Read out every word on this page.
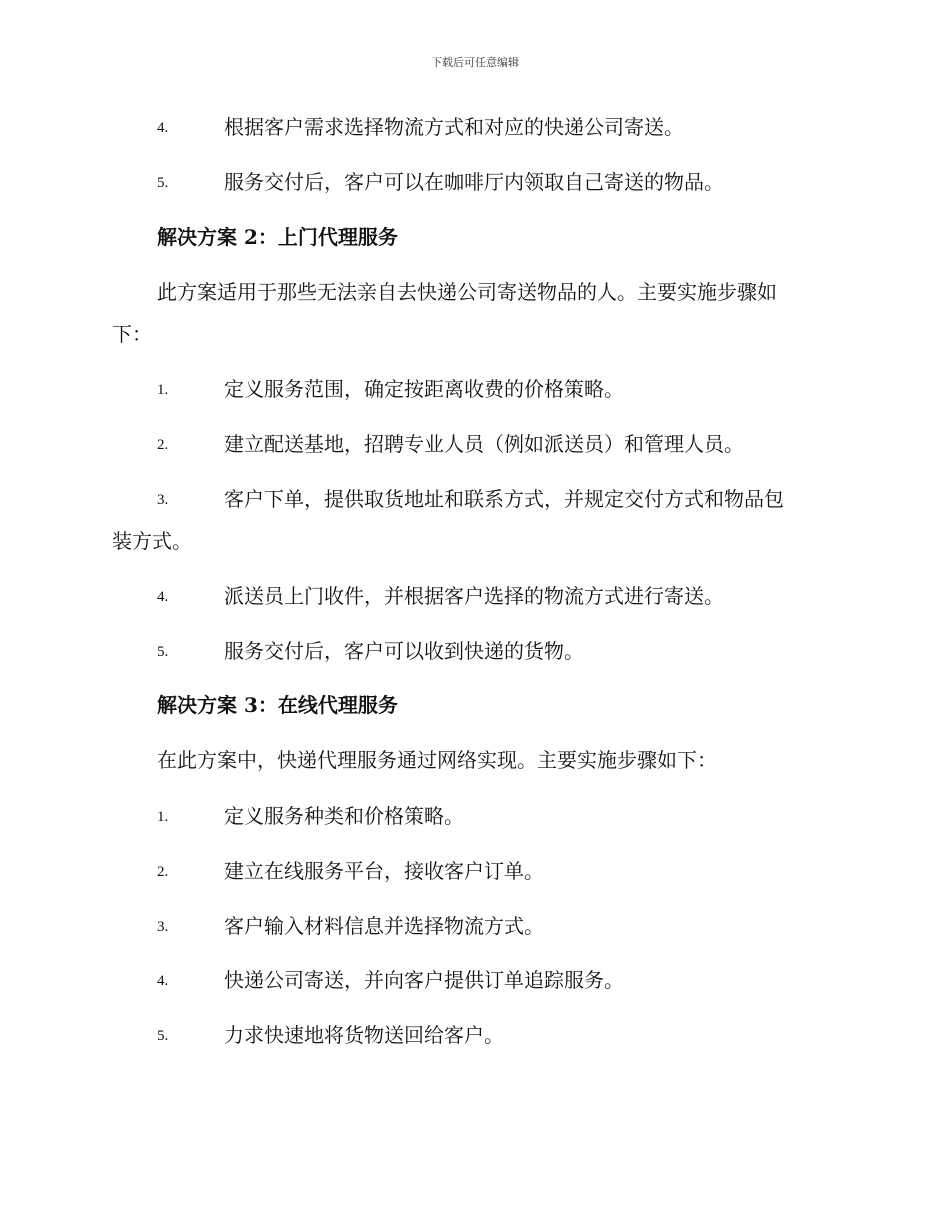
下载后可任意编辑
4.	根据客户需求选择物流方式和对应的快递公司寄送。
5.	服务交付后，客户可以在咖啡厅内领取自己寄送的物品。
解决方案 2：上门代理服务
此方案适用于那些无法亲自去快递公司寄送物品的人。主要实施步骤如
下：
1.	定义服务范围，确定按距离收费的价格策略。
2.	建立配送基地，招聘专业人员（例如派送员）和管理人员。
3.	客户下单，提供取货地址和联系方式，并规定交付方式和物品包
装方式。
4.	派送员上门收件，并根据客户选择的物流方式进行寄送。
5.	服务交付后，客户可以收到快递的货物。
解决方案 3：在线代理服务
在此方案中，快递代理服务通过网络实现。主要实施步骤如下：
1.	定义服务种类和价格策略。
2.	建立在线服务平台，接收客户订单。
3.	客户输入材料信息并选择物流方式。
4.	快递公司寄送，并向客户提供订单追踪服务。
5.	力求快速地将货物送回给客户。
